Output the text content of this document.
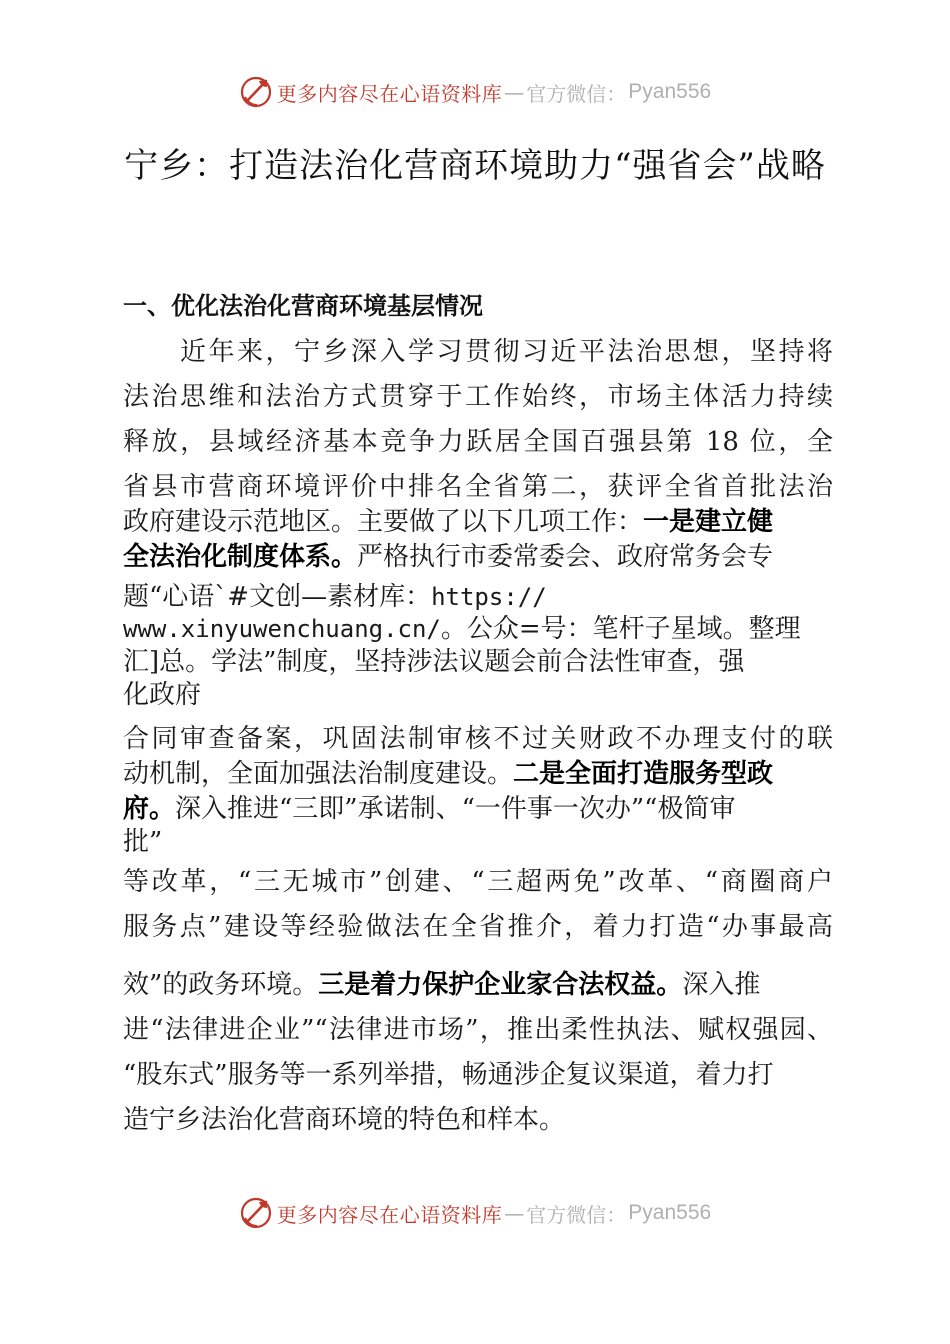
更多内容尽在心语资料库 — 官方微信： Pyan556
宁乡：打造法治化营商环境助力“强省会”战略
一、优化法治化营商环境基层情况
　　近年来，宁乡深入学习贯彻习近平法治思想，坚持将
法治思维和法治方式贯穿于工作始终，市场主体活力持续
释放，县域经济基本竞争力跃居全国百强县第 18 位，全
省县市营商环境评价中排名全省第二，获评全省首批法治
政府建设示范地区。主要做了以下几项工作：一是建立健
全法治化制度体系。严格执行市委常委会、政府常务会专
题“心语`#文创—素材库：https://
www.xinyuwenchuang.cn/。公众=号：笔杆子星域。整理
汇]总。学法”制度，坚持涉法议题会前合法性审查，强
化政府
合同审查备案，巩固法制审核不过关财政不办理支付的联
动机制，全面加强法治制度建设。二是全面打造服务型政
府。深入推进“三即”承诺制、“一件事一次办”“极简审
批”
等改革，“三无城市”创建、“三超两免”改革、“商圈商户
服务点”建设等经验做法在全省推介，着力打造“办事最高
效”的政务环境。三是着力保护企业家合法权益。深入推
进“法律进企业”“法律进市场”，推出柔性执法、赋权强园、
“股东式”服务等一系列举措，畅通涉企复议渠道，着力打
造宁乡法治化营商环境的特色和样本。
更多内容尽在心语资料库 — 官方微信： Pyan556
